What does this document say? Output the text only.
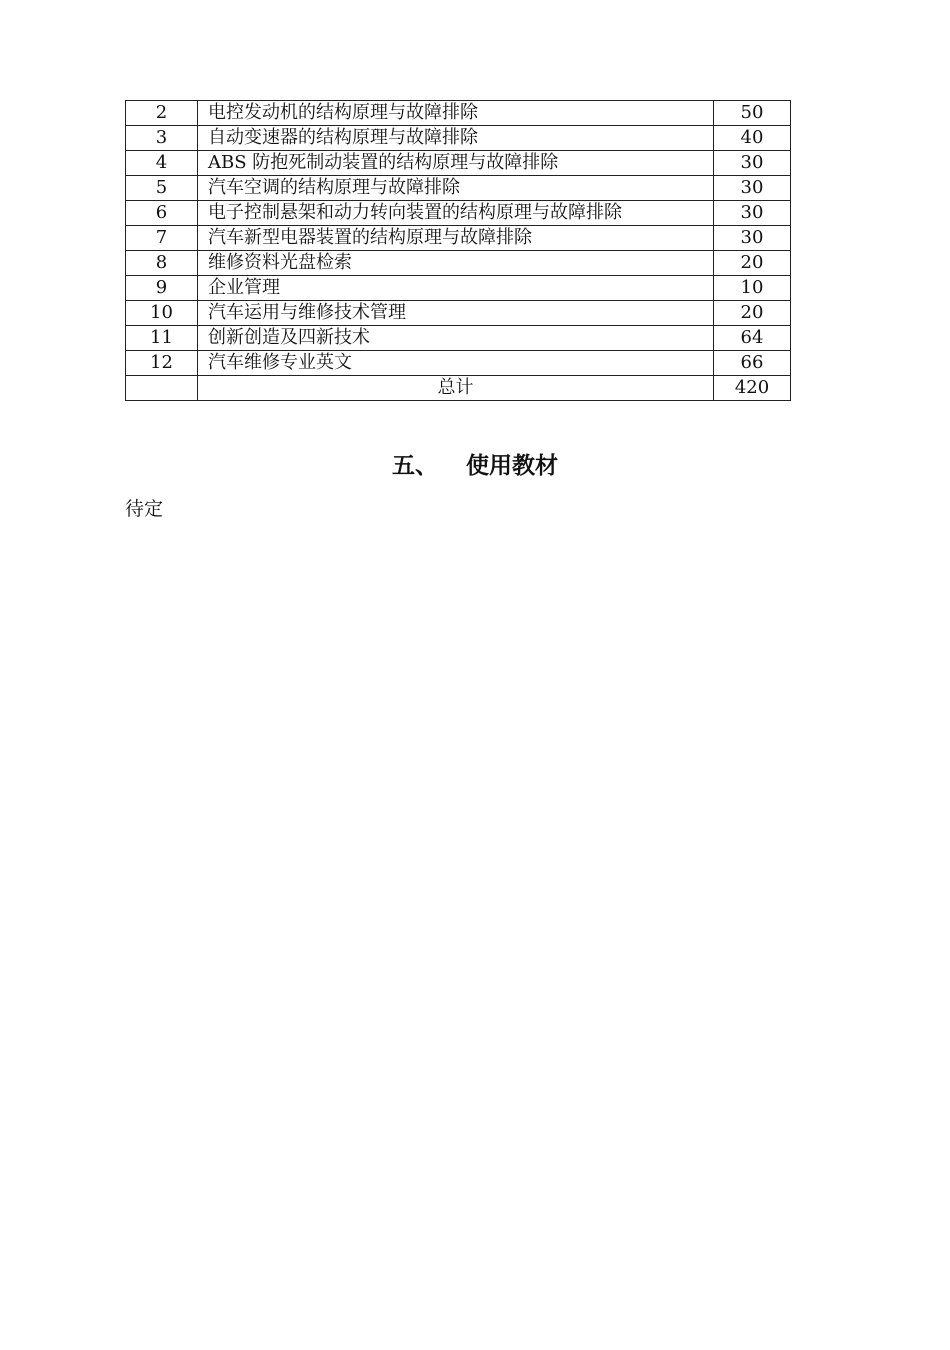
2	电控发动机的结构原理与故障排除	50
3	自动变速器的结构原理与故障排除	40
4	ABS 防抱死制动装置的结构原理与故障排除	30
5	汽车空调的结构原理与故障排除	30
6	电子控制悬架和动力转向装置的结构原理与故障排除	30
7	汽车新型电器装置的结构原理与故障排除	30
8	维修资料光盘检索	20
9	企业管理	10
10	汽车运用与维修技术管理	20
11	创新创造及四新技术	64
12	汽车维修专业英文	66
	总计	420
五、 使用教材

待定
